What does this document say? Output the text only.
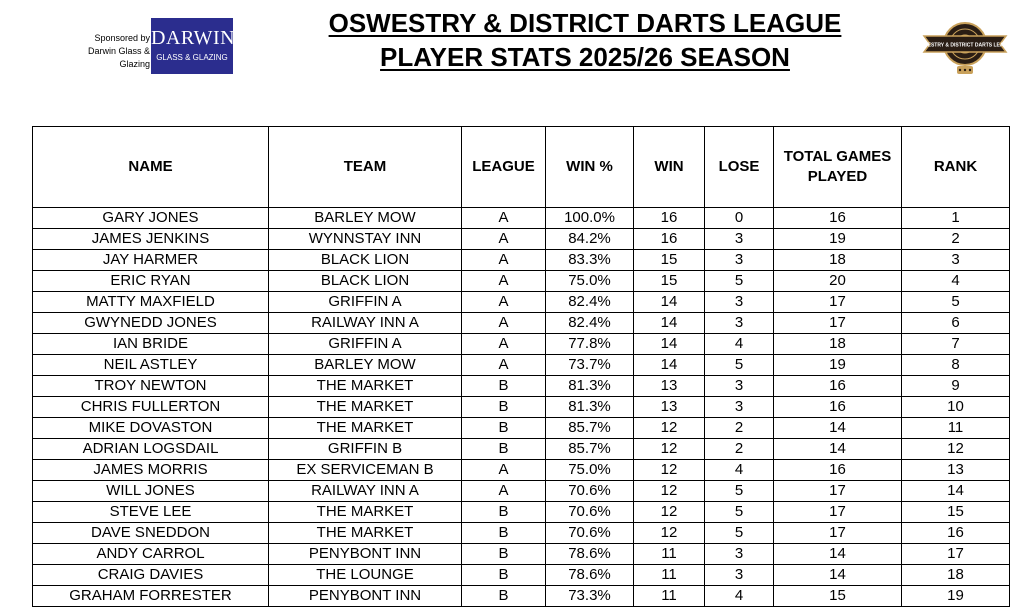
Sponsored by
Darwin Glass & Glazing
DARWIN
GLASS & GLAZING
OSWESTRY & DISTRICT DARTS LEAGUE
PLAYER STATS 2025/26 SEASON	OSWESTRY & DISTRICT DARTS LEAGUE
NAME	TEAM	LEAGUE	WIN %	WIN	LOSE	TOTAL GAMES PLAYED	RANK
GARY JONES	BARLEY MOW	A	100.0%	16	0	16	1
JAMES JENKINS	WYNNSTAY INN	A	84.2%	16	3	19	2
JAY HARMER	BLACK LION	A	83.3%	15	3	18	3
ERIC RYAN	BLACK LION	A	75.0%	15	5	20	4
MATTY MAXFIELD	GRIFFIN A	A	82.4%	14	3	17	5
GWYNEDD JONES	RAILWAY INN A	A	82.4%	14	3	17	6
IAN BRIDE	GRIFFIN A	A	77.8%	14	4	18	7
NEIL ASTLEY	BARLEY MOW	A	73.7%	14	5	19	8
TROY NEWTON	THE MARKET	B	81.3%	13	3	16	9
CHRIS FULLERTON	THE MARKET	B	81.3%	13	3	16	10
MIKE DOVASTON	THE MARKET	B	85.7%	12	2	14	11
ADRIAN LOGSDAIL	GRIFFIN B	B	85.7%	12	2	14	12
JAMES MORRIS	EX SERVICEMAN B	A	75.0%	12	4	16	13
WILL JONES	RAILWAY INN A	A	70.6%	12	5	17	14
STEVE LEE	THE MARKET	B	70.6%	12	5	17	15
DAVE SNEDDON	THE MARKET	B	70.6%	12	5	17	16
ANDY CARROL	PENYBONT INN	B	78.6%	11	3	14	17
CRAIG DAVIES	THE LOUNGE	B	78.6%	11	3	14	18
GRAHAM FORRESTER	PENYBONT INN	B	73.3%	11	4	15	19
